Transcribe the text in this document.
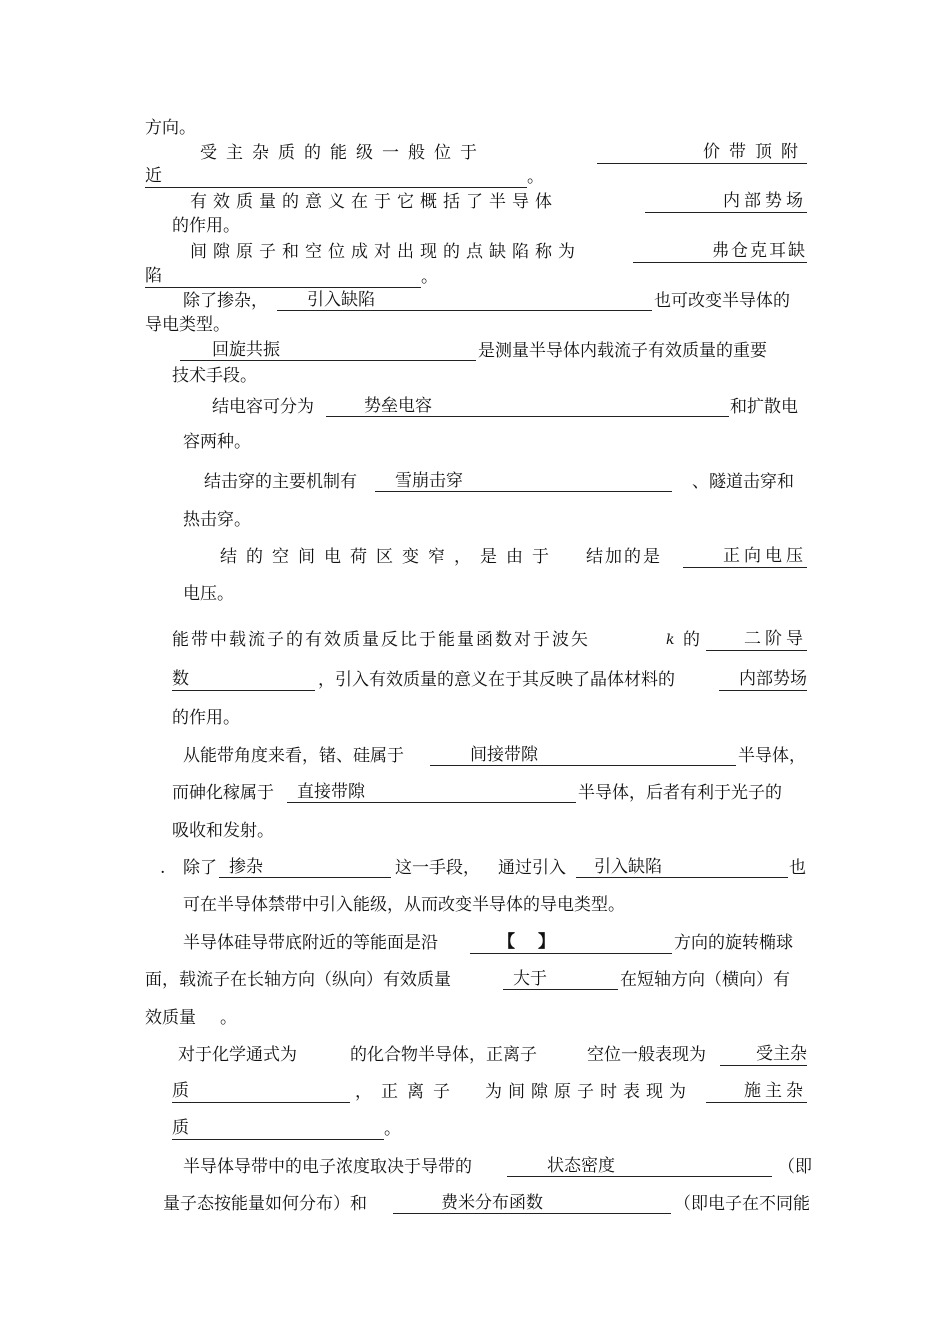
方向。
受主杂质的能级一般位于	价带顶附
近	。
有效质量的意义在于它概括了半导体	内部势场
的作用。
间隙原子和空位成对出现的点缺陷称为	弗仓克耳缺
陷	。
除了掺杂，	引入缺陷	也可改变半导体的
导电类型。
回旋共振	是测量半导体内载流子有效质量的重要
技术手段。
结电容可分为	势垒电容	和扩散电
容两种。
结击穿的主要机制有	雪崩击穿	、隧道击穿和
热击穿。
结的空间电荷区变窄，是由于 结加的是	正向电压
电压。
能带中载流子的有效质量反比于能量函数对于波矢	k 的	二阶导
数	，引入有效质量的意义在于其反映了晶体材料的	内部势场
的作用。
从能带角度来看，锗、硅属于	间接带隙	半导体，
而砷化稼属于	直接带隙	半导体，后者有利于光子的
吸收和发射。
. 除了 掺杂	这一手段， 通过引入	引入缺陷	也
可在半导体禁带中引入能级，从而改变半导体的导电类型。
半导体硅导带底附近的等能面是沿	【 】	方向的旋转椭球
面，载流子在长轴方向（纵向）有效质量	大于	在短轴方向（横向）有
效质量 。
对于化学通式为	的化合物半导体，正离子	空位一般表现为	受主杂
质	，正离子 为间隙原子时表现为	施主杂
质	。
半导体导带中的电子浓度取决于导带的	状态密度	（即
量子态按能量如何分布）和	费米分布函数	（即电子在不同能
